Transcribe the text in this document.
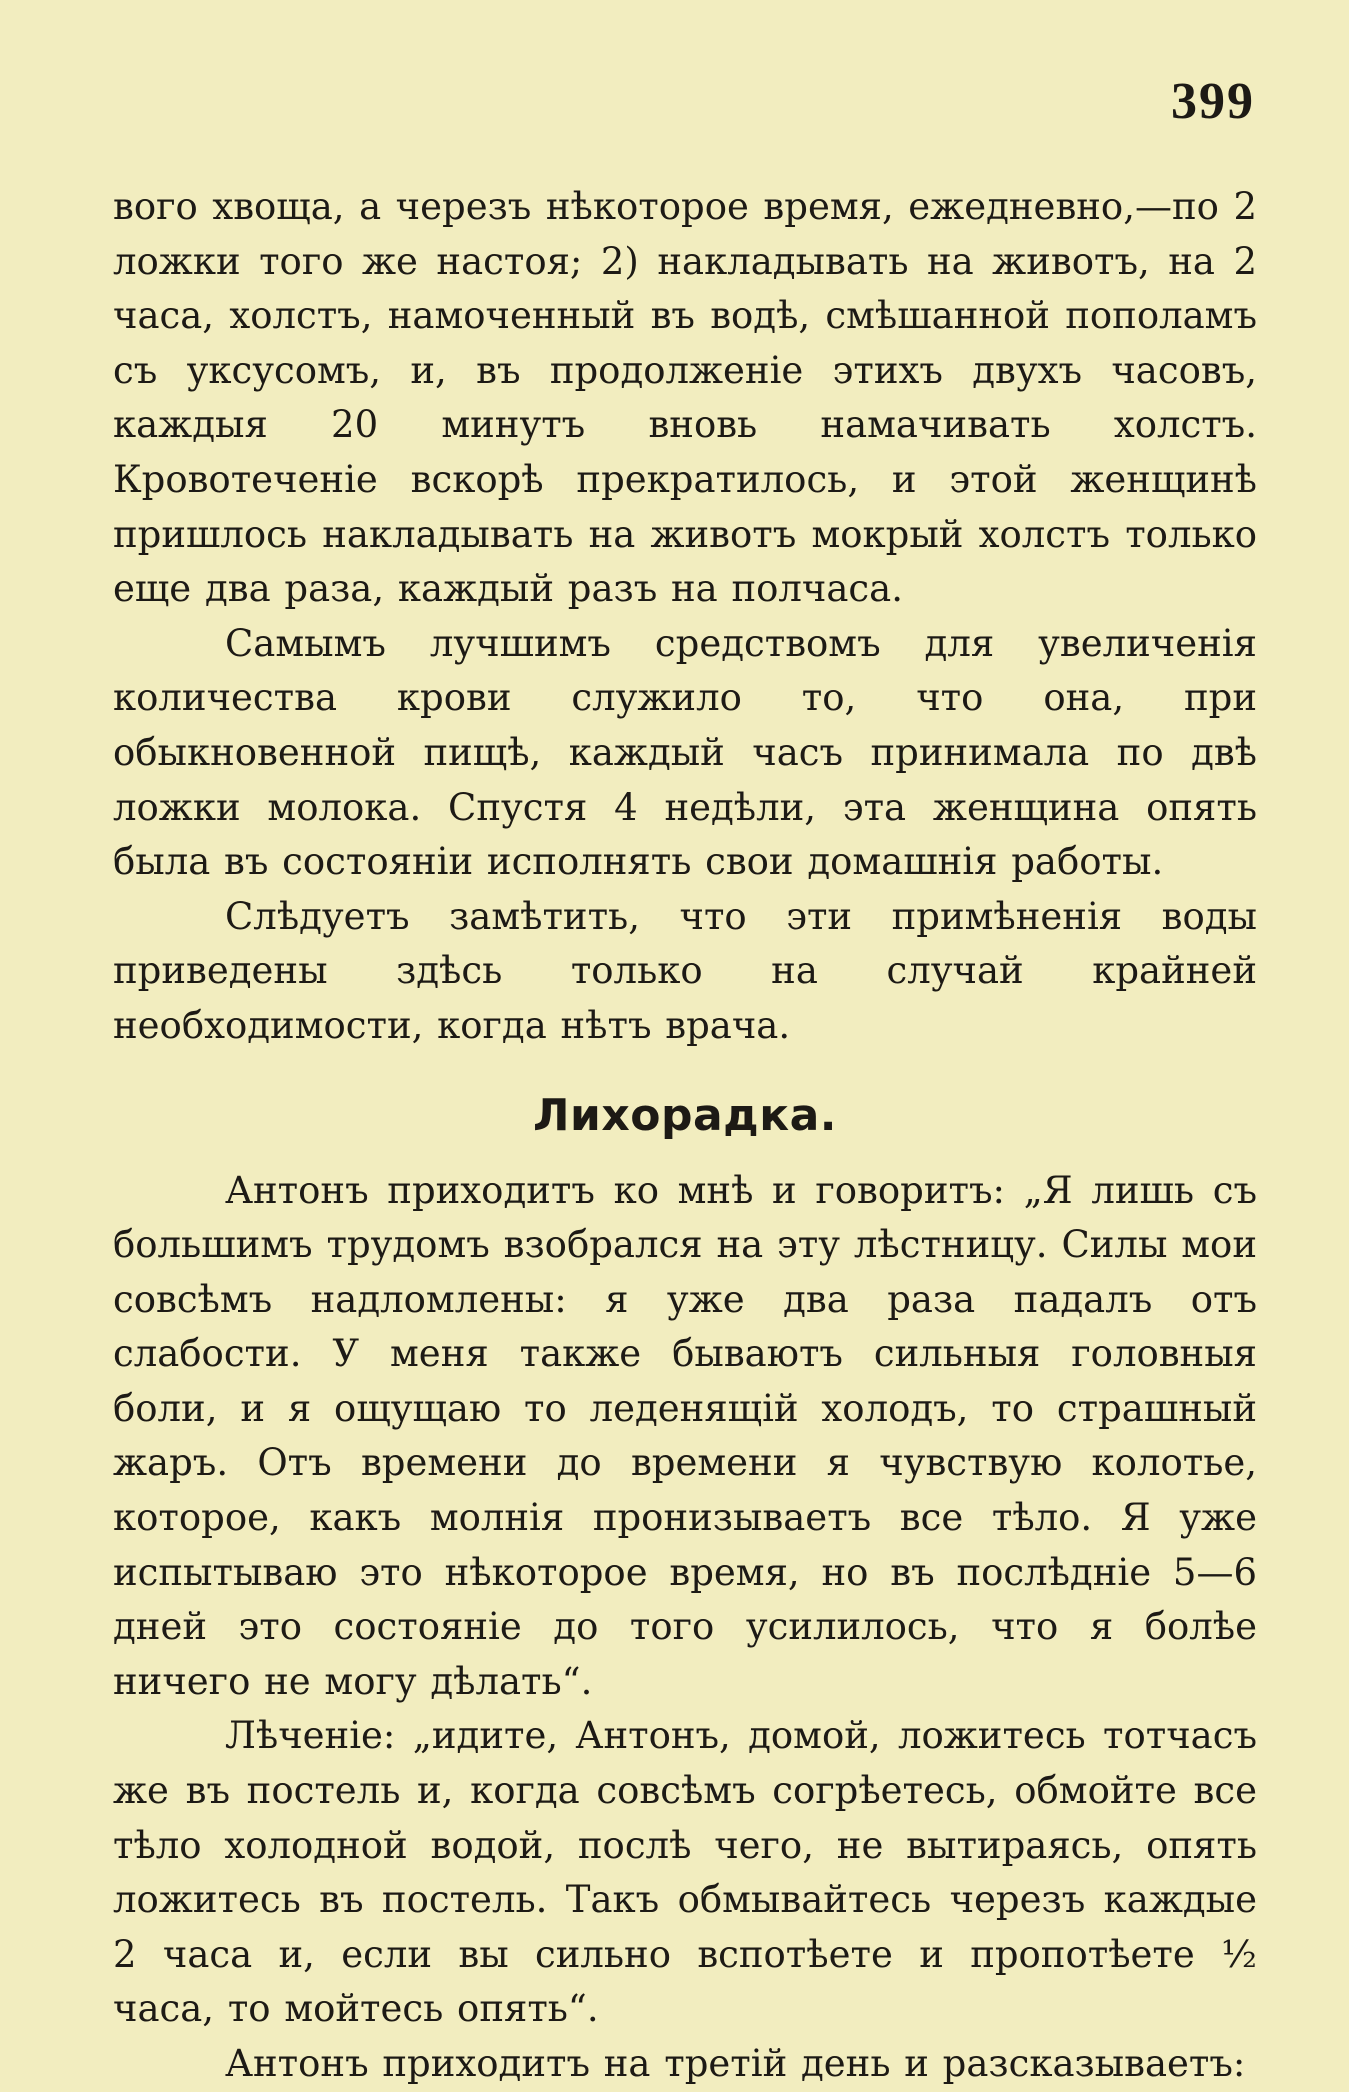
399

вого хвоща, а черезъ нѣкоторое время, ежедневно,—по 2 ложки того же настоя; 2) накладывать на животъ, на 2 часа, холстъ, намоченный въ водѣ, смѣшанной пополамъ съ уксусомъ, и, въ продолженіе этихъ двухъ часовъ, каждыя 20 минутъ вновь намачивать холстъ. Кровотеченіе вскорѣ прекратилось, и этой женщинѣ пришлось накладывать на животъ мокрый холстъ только еще два раза, каждый разъ на полчаса.

Самымъ лучшимъ средствомъ для увеличенія количества крови служило то, что она, при обыкновенной пищѣ, каждый часъ принимала по двѣ ложки молока. Спустя 4 недѣли, эта женщина опять была въ состояніи исполнять свои домашнія работы.

Слѣдуетъ замѣтить, что эти примѣненія воды приведены здѣсь только на случай крайней необходимости, когда нѣтъ врача.

Лихорадка.

Антонъ приходитъ ко мнѣ и говоритъ: „Я лишь съ большимъ трудомъ взобрался на эту лѣстницу. Силы мои совсѣмъ надломлены: я уже два раза падалъ отъ слабости. У меня также бываютъ сильныя головныя боли, и я ощущаю то леденящій холодъ, то страшный жаръ. Отъ времени до времени я чувствую колотье, которое, какъ молнія пронизываетъ все тѣло. Я уже испытываю это нѣкоторое время, но въ послѣдніе 5—6 дней это состояніе до того усилилось, что я болѣе ничего не могу дѣлать“.

Лѣченіе: „идите, Антонъ, домой, ложитесь тотчасъ же въ постель и, когда совсѣмъ согрѣетесь, обмойте все тѣло холодной водой, послѣ чего, не вытираясь, опять ложитесь въ постель. Такъ обмывайтесь черезъ каждые 2 часа и, если вы сильно вспотѣете и пропотѣете ½ часа, то мойтесь опять“.

Антонъ приходитъ на третій день и разсказываетъ:
